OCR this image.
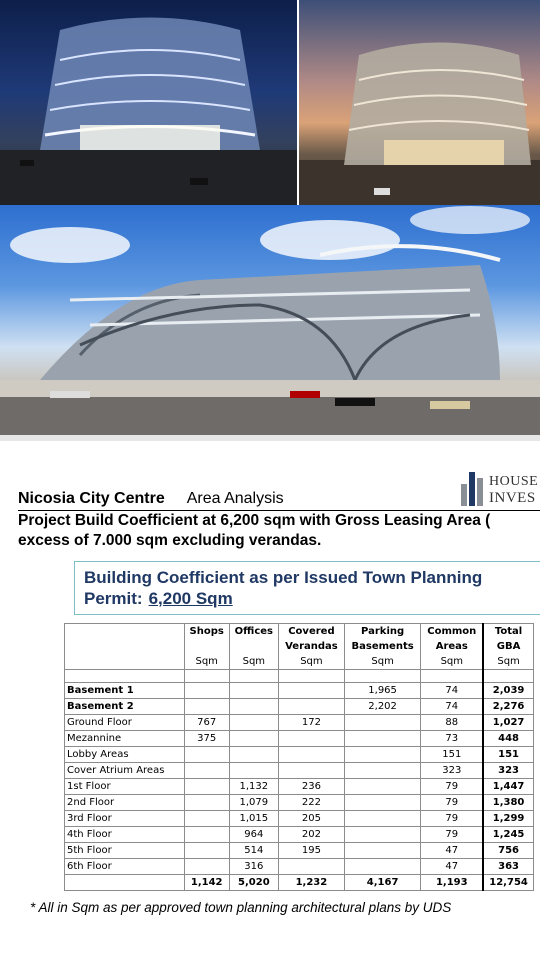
HOUSE
INVES
Nicosia City Centre Area Analysis
Project Build Coefficient at 6,200 sqm with Gross Leasing Area (
excess of 7.000 sqm excluding verandas.
Building Coefficient as per Issued Town Planning
Permit: 6,200 Sqm
	Shops	Offices	Covered	Parking	Common	Total
			Verandas	Basements	Areas	GBA
	Sqm	Sqm	Sqm	Sqm	Sqm	Sqm

Basement 1				1,965	74	2,039
Basement 2				2,202	74	2,276
Ground Floor	767		172		88	1,027
Mezannine	375				73	448
Lobby Areas					151	151
Cover Atrium Areas					323	323
1st Floor		1,132	236		79	1,447
2nd Floor		1,079	222		79	1,380
3rd Floor		1,015	205		79	1,299
4th Floor		964	202		79	1,245
5th Floor		514	195		47	756
6th Floor		316			47	363
	1,142	5,020	1,232	4,167	1,193	12,754
* All in Sqm as per approved town planning architectural plans by UDS
